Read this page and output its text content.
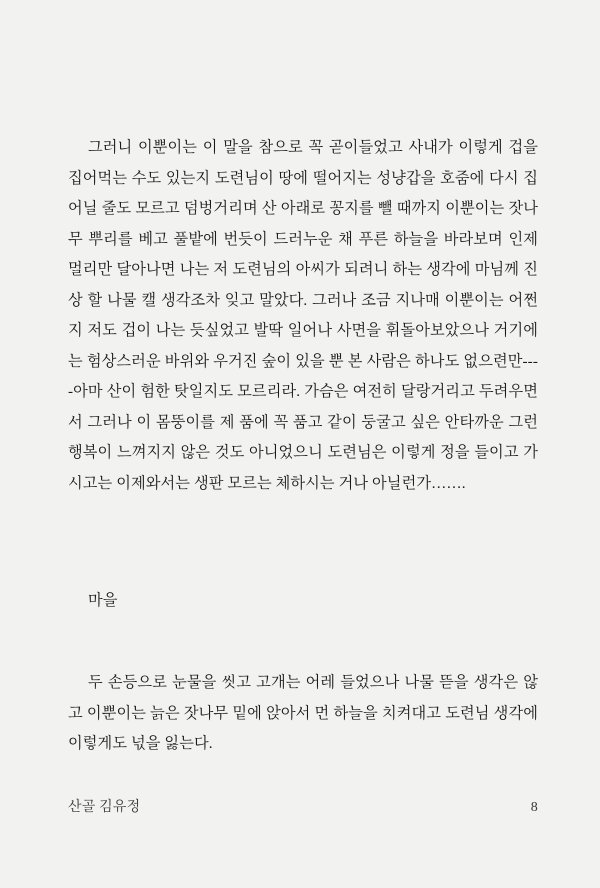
그러니 이뿐이는 이 말을 참으로 꼭 곧이들었고 사내가 이렇게 겁을 집어먹는 수도 있는지 도련님이 땅에 떨어지는 성냥갑을 호줌에 다시 집어닐 줄도 모르고 덤벙거리며 산 아래로 꽁지를 뺄 때까지 이뿐이는 잣나무 뿌리를 베고 풀밭에 번듯이 드러누운 채 푸른 하늘을 바라보며 인제 멀리만 달아나면 나는 저 도련님의 아씨가 되려니 하는 생각에 마님께 진상 할 나물 캘 생각조차 잊고 말았다. 그러나 조금 지나매 이뿐이는 어쩐지 저도 겁이 나는 듯싶었고 발딱 일어나 사면을 휘돌아보았으나 거기에는 험상스러운 바위와 우거진 숲이 있을 뿐 본 사람은 하나도 없으련만----아마 산이 험한 탓일지도 모르리라. 가슴은 여전히 달랑거리고 두려우면서 그러나 이 몸뚱이를 제 품에 꼭 품고 같이 둥굴고 싶은 안타까운 그런 행복이 느껴지지 않은 것도 아니었으니 도련님은 이렇게 정을 들이고 가시고는 이제와서는 생판 모르는 체하시는 거나 아닐런가…….

마을

두 손등으로 눈물을 씻고 고개는 어레 들었으나 나물 뜯을 생각은 않고 이뿐이는 늙은 잣나무 밑에 앉아서 먼 하늘을 치켜대고 도련님 생각에 이렇게도 넋을 잃는다.

산골 김유정	8
